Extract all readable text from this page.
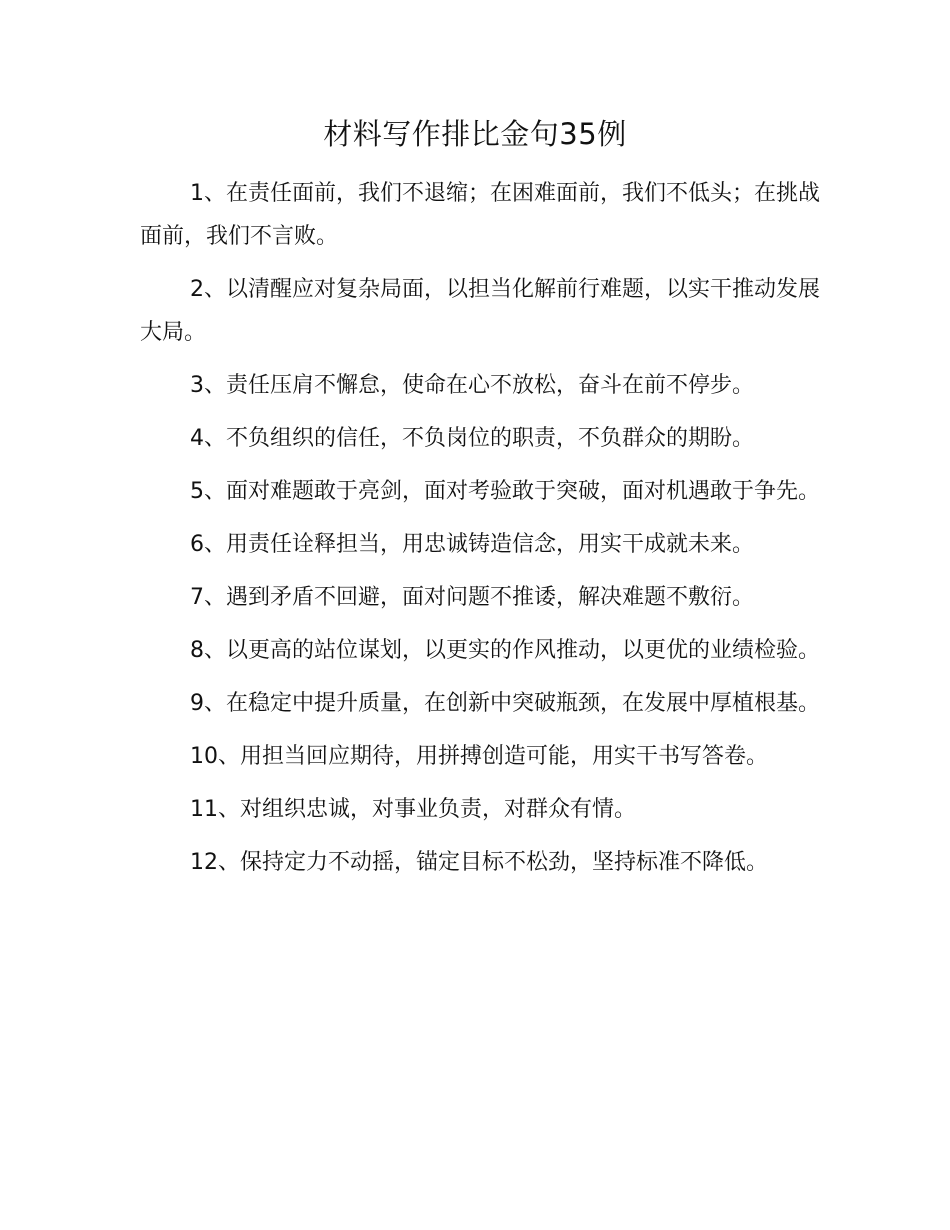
材料写作排比金句35例

1、在责任面前，我们不退缩；在困难面前，我们不低头；在挑战面前，我们不言败。

2、以清醒应对复杂局面，以担当化解前行难题，以实干推动发展大局。

3、责任压肩不懈怠，使命在心不放松，奋斗在前不停步。

4、不负组织的信任，不负岗位的职责，不负群众的期盼。

5、面对难题敢于亮剑，面对考验敢于突破，面对机遇敢于争先。

6、用责任诠释担当，用忠诚铸造信念，用实干成就未来。

7、遇到矛盾不回避，面对问题不推诿，解决难题不敷衍。

8、以更高的站位谋划，以更实的作风推动，以更优的业绩检验。

9、在稳定中提升质量，在创新中突破瓶颈，在发展中厚植根基。

10、用担当回应期待，用拼搏创造可能，用实干书写答卷。

11、对组织忠诚，对事业负责，对群众有情。

12、保持定力不动摇，锚定目标不松劲，坚持标准不降低。
